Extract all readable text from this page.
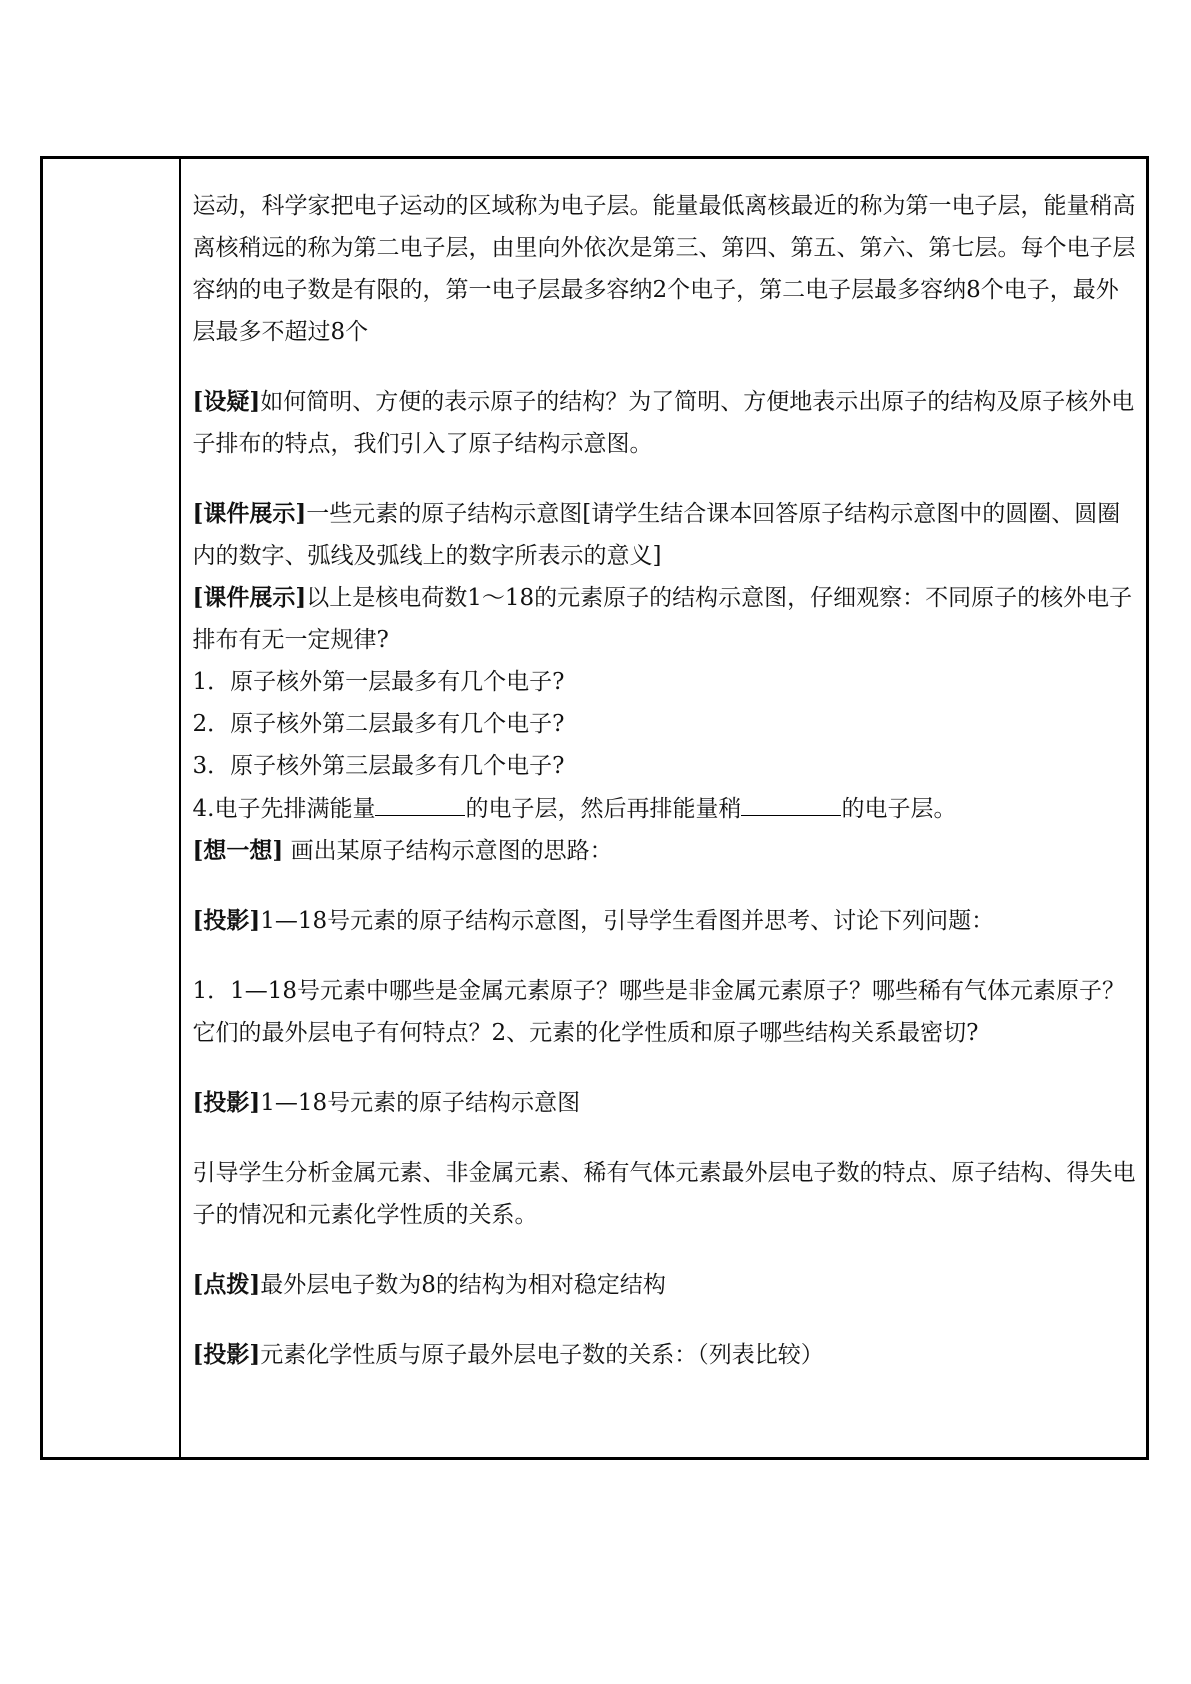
运动，科学家把电子运动的区域称为电子层。能量最低离核最近的称为第一电子层，能量稍高离核稍远的称为第二电子层，由里向外依次是第三、第四、第五、第六、第七层。每个电子层容纳的电子数是有限的，第一电子层最多容纳2个电子，第二电子层最多容纳8个电子，最外层最多不超过8个

[设疑]如何简明、方便的表示原子的结构？为了简明、方便地表示出原子的结构及原子核外电子排布的特点，我们引入了原子结构示意图。

[课件展示]一些元素的原子结构示意图[请学生结合课本回答原子结构示意图中的圆圈、圆圈内的数字、弧线及弧线上的数字所表示的意义]

[课件展示]以上是核电荷数1～18的元素原子的结构示意图，仔细观察：不同原子的核外电子排布有无一定规律?

1．原子核外第一层最多有几个电子?

2．原子核外第二层最多有几个电子?

3．原子核外第三层最多有几个电子?

4.电子先排满能量	的电子层，然后再排能量稍	的电子层。

[想一想] 画出某原子结构示意图的思路：

[投影]1—18号元素的原子结构示意图，引导学生看图并思考、讨论下列问题：

1．1—18号元素中哪些是金属元素原子？哪些是非金属元素原子？哪些稀有气体元素原子？它们的最外层电子有何特点？2、元素的化学性质和原子哪些结构关系最密切?

[投影]1—18号元素的原子结构示意图

引导学生分析金属元素、非金属元素、稀有气体元素最外层电子数的特点、原子结构、得失电子的情况和元素化学性质的关系。

[点拨]最外层电子数为8的结构为相对稳定结构

[投影]元素化学性质与原子最外层电子数的关系：（列表比较）
